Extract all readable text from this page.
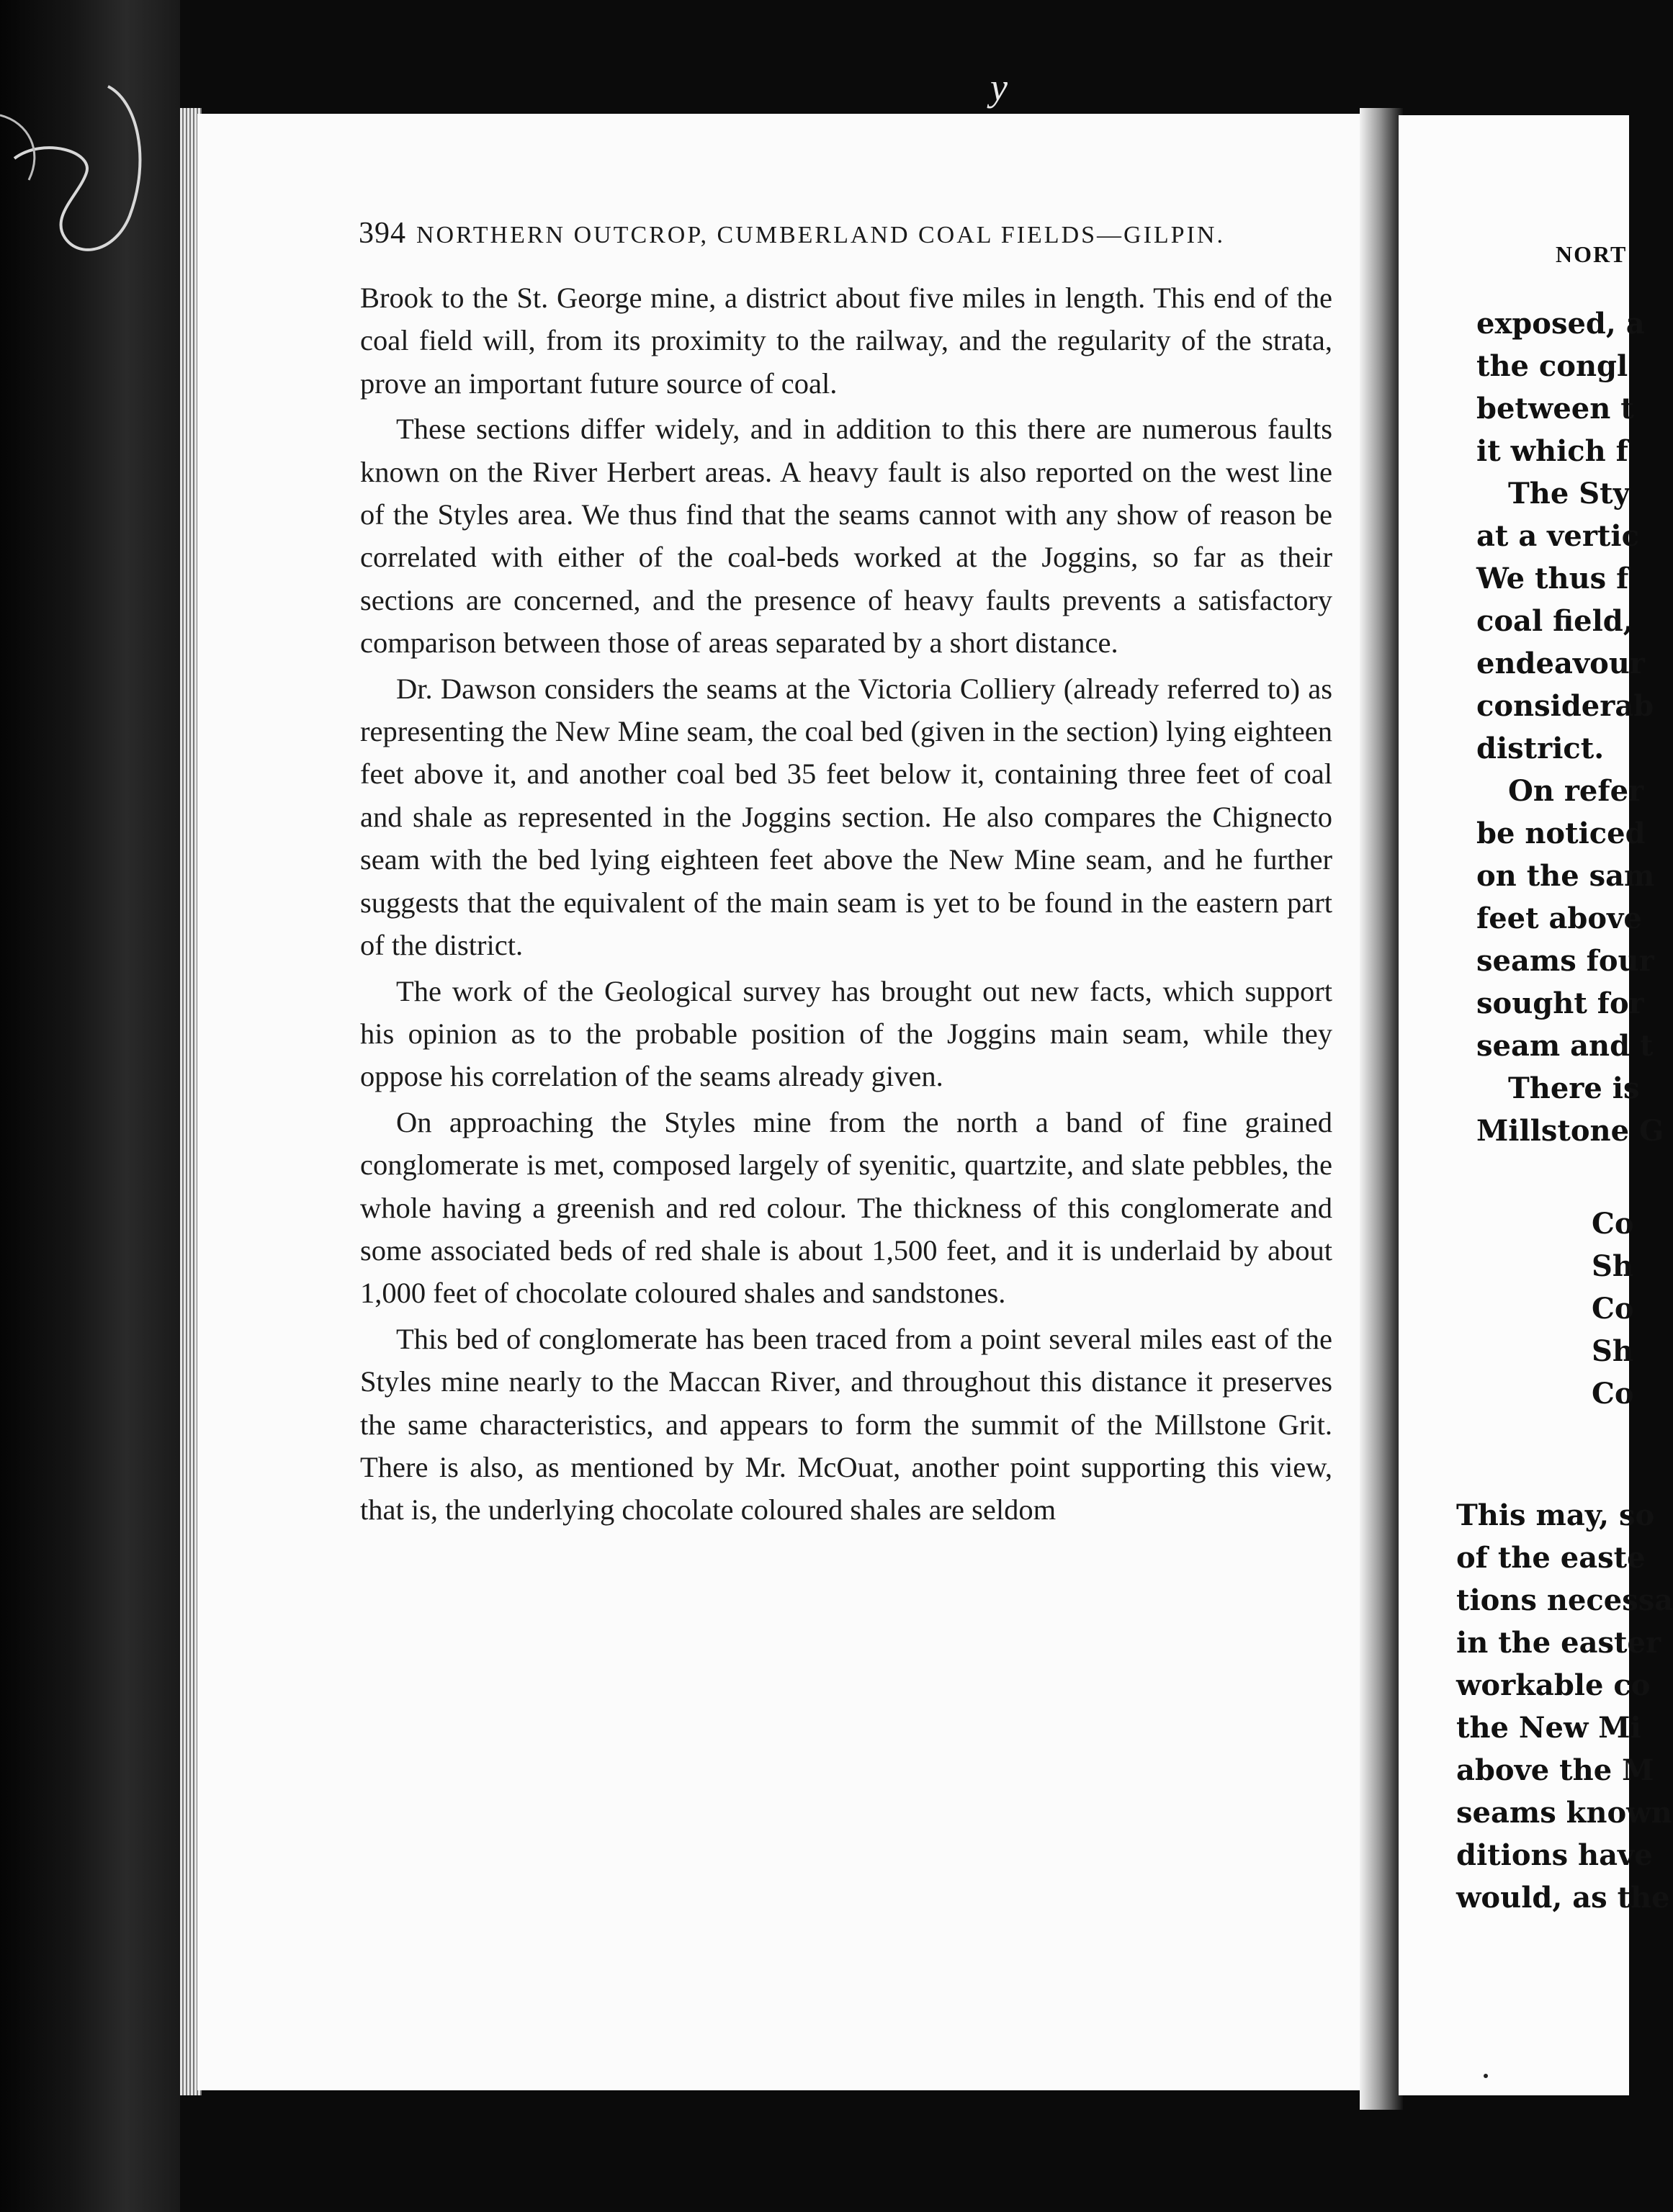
y
394 NORTHERN OUTCROP, CUMBERLAND COAL FIELDS—GILPIN.

Brook to the St. George mine, a district about five miles in length. This end of the coal field will, from its proximity to the railway, and the regularity of the strata, prove an important future source of coal.

These sections differ widely, and in addition to this there are numerous faults known on the River Herbert areas. A heavy fault is also reported on the west line of the Styles area. We thus find that the seams cannot with any show of reason be correlated with either of the coal-beds worked at the Joggins, so far as their sections are concerned, and the presence of heavy faults prevents a satisfactory comparison between those of areas separated by a short distance.

Dr. Dawson considers the seams at the Victoria Colliery (already referred to) as representing the New Mine seam, the coal bed (given in the section) lying eighteen feet above it, and another coal bed 35 feet below it, containing three feet of coal and shale as represented in the Joggins section. He also compares the Chignecto seam with the bed lying eighteen feet above the New Mine seam, and he further suggests that the equivalent of the main seam is yet to be found in the eastern part of the district.

The work of the Geological survey has brought out new facts, which support his opinion as to the probable position of the Joggins main seam, while they oppose his correlation of the seams already given.

On approaching the Styles mine from the north a band of fine grained conglomerate is met, composed largely of syenitic, quartzite, and slate pebbles, the whole having a greenish and red colour. The thickness of this conglomerate and some associated beds of red shale is about 1,500 feet, and it is underlaid by about 1,000 feet of chocolate coloured shales and sandstones.

This bed of conglomerate has been traced from a point several miles east of the Styles mine nearly to the Maccan River, and throughout this distance it preserves the same characteristics, and appears to form the summit of the Millstone Grit. There is also, as mentioned by Mr. McOuat, another point supporting this view, that is, the underlying chocolate coloured shales are seldom

NORT
exposed, a
the congl
between t
it which f
The Sty
at a vertic
We thus f
coal field,
endeavour
considerab
district.
On refer
be noticed
on the sam
feet above
seams four
sought for
seam and t
There is
Millstone G
Co
Sh
Co
Sh
Co
This may, so
of the easte
tions necessa
in the easter
workable co
the New Mi
above the M
seams known
ditions have
would, as the
